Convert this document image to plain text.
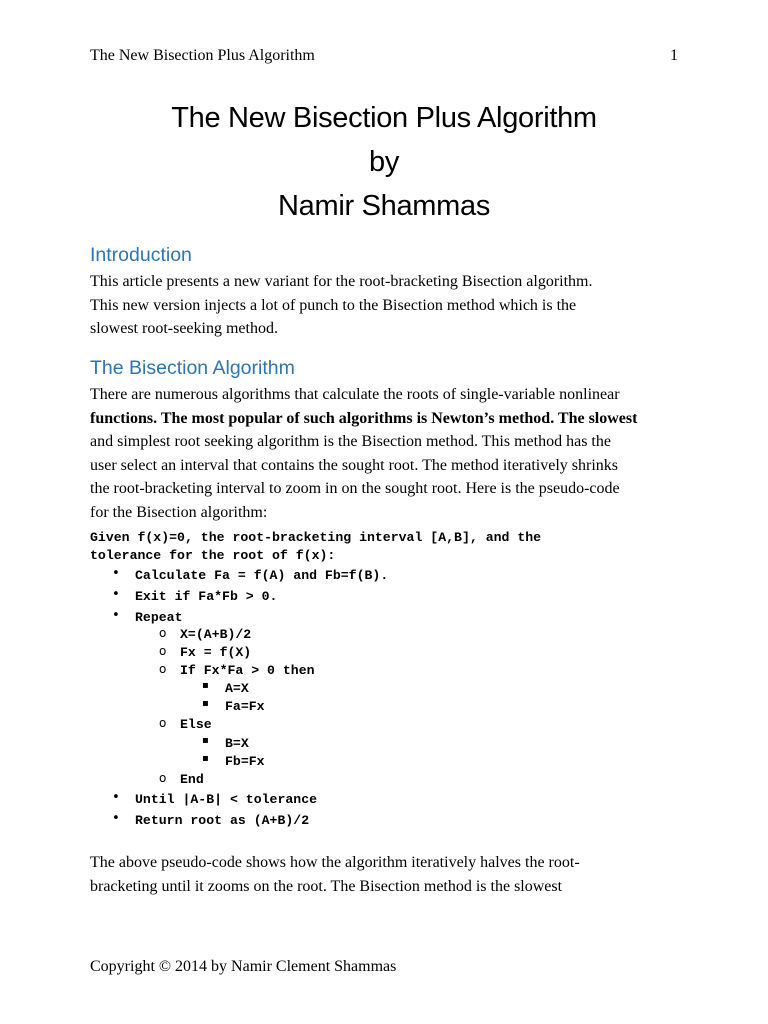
The New Bisection Plus Algorithm	1
The New Bisection Plus Algorithm
by
Namir Shammas
Introduction

This article presents a new variant for the root-bracketing Bisection algorithm.

This new version injects a lot of punch to the Bisection method which is the

slowest root-seeking method.

The Bisection Algorithm

There are numerous algorithms that calculate the roots of single-variable nonlinear

functions. The most popular of such algorithms is Newton’s method. The slowest

and simplest root seeking algorithm is the Bisection method. This method has the

user select an interval that contains the sought root. The method iteratively shrinks

the root-bracketing interval to zoom in on the sought root. Here is the pseudo-code

for the Bisection algorithm:

Given f(x)=0, the root-bracketing interval [A,B], and the
tolerance for the root of f(x):
• Calculate Fa = f(A) and Fb=f(B).
• Exit if Fa*Fb > 0.
• Repeat
o X=(A+B)/2
o Fx = f(X)
o If Fx*Fa > 0 then
▪ A=X
▪ Fa=Fx
o Else
▪ B=X
▪ Fb=Fx
o End
• Until |A-B| < tolerance
• Return root as (A+B)/2

The above pseudo-code shows how the algorithm iteratively halves the root-

bracketing until it zooms on the root. The Bisection method is the slowest

Copyright © 2014 by Namir Clement Shammas
